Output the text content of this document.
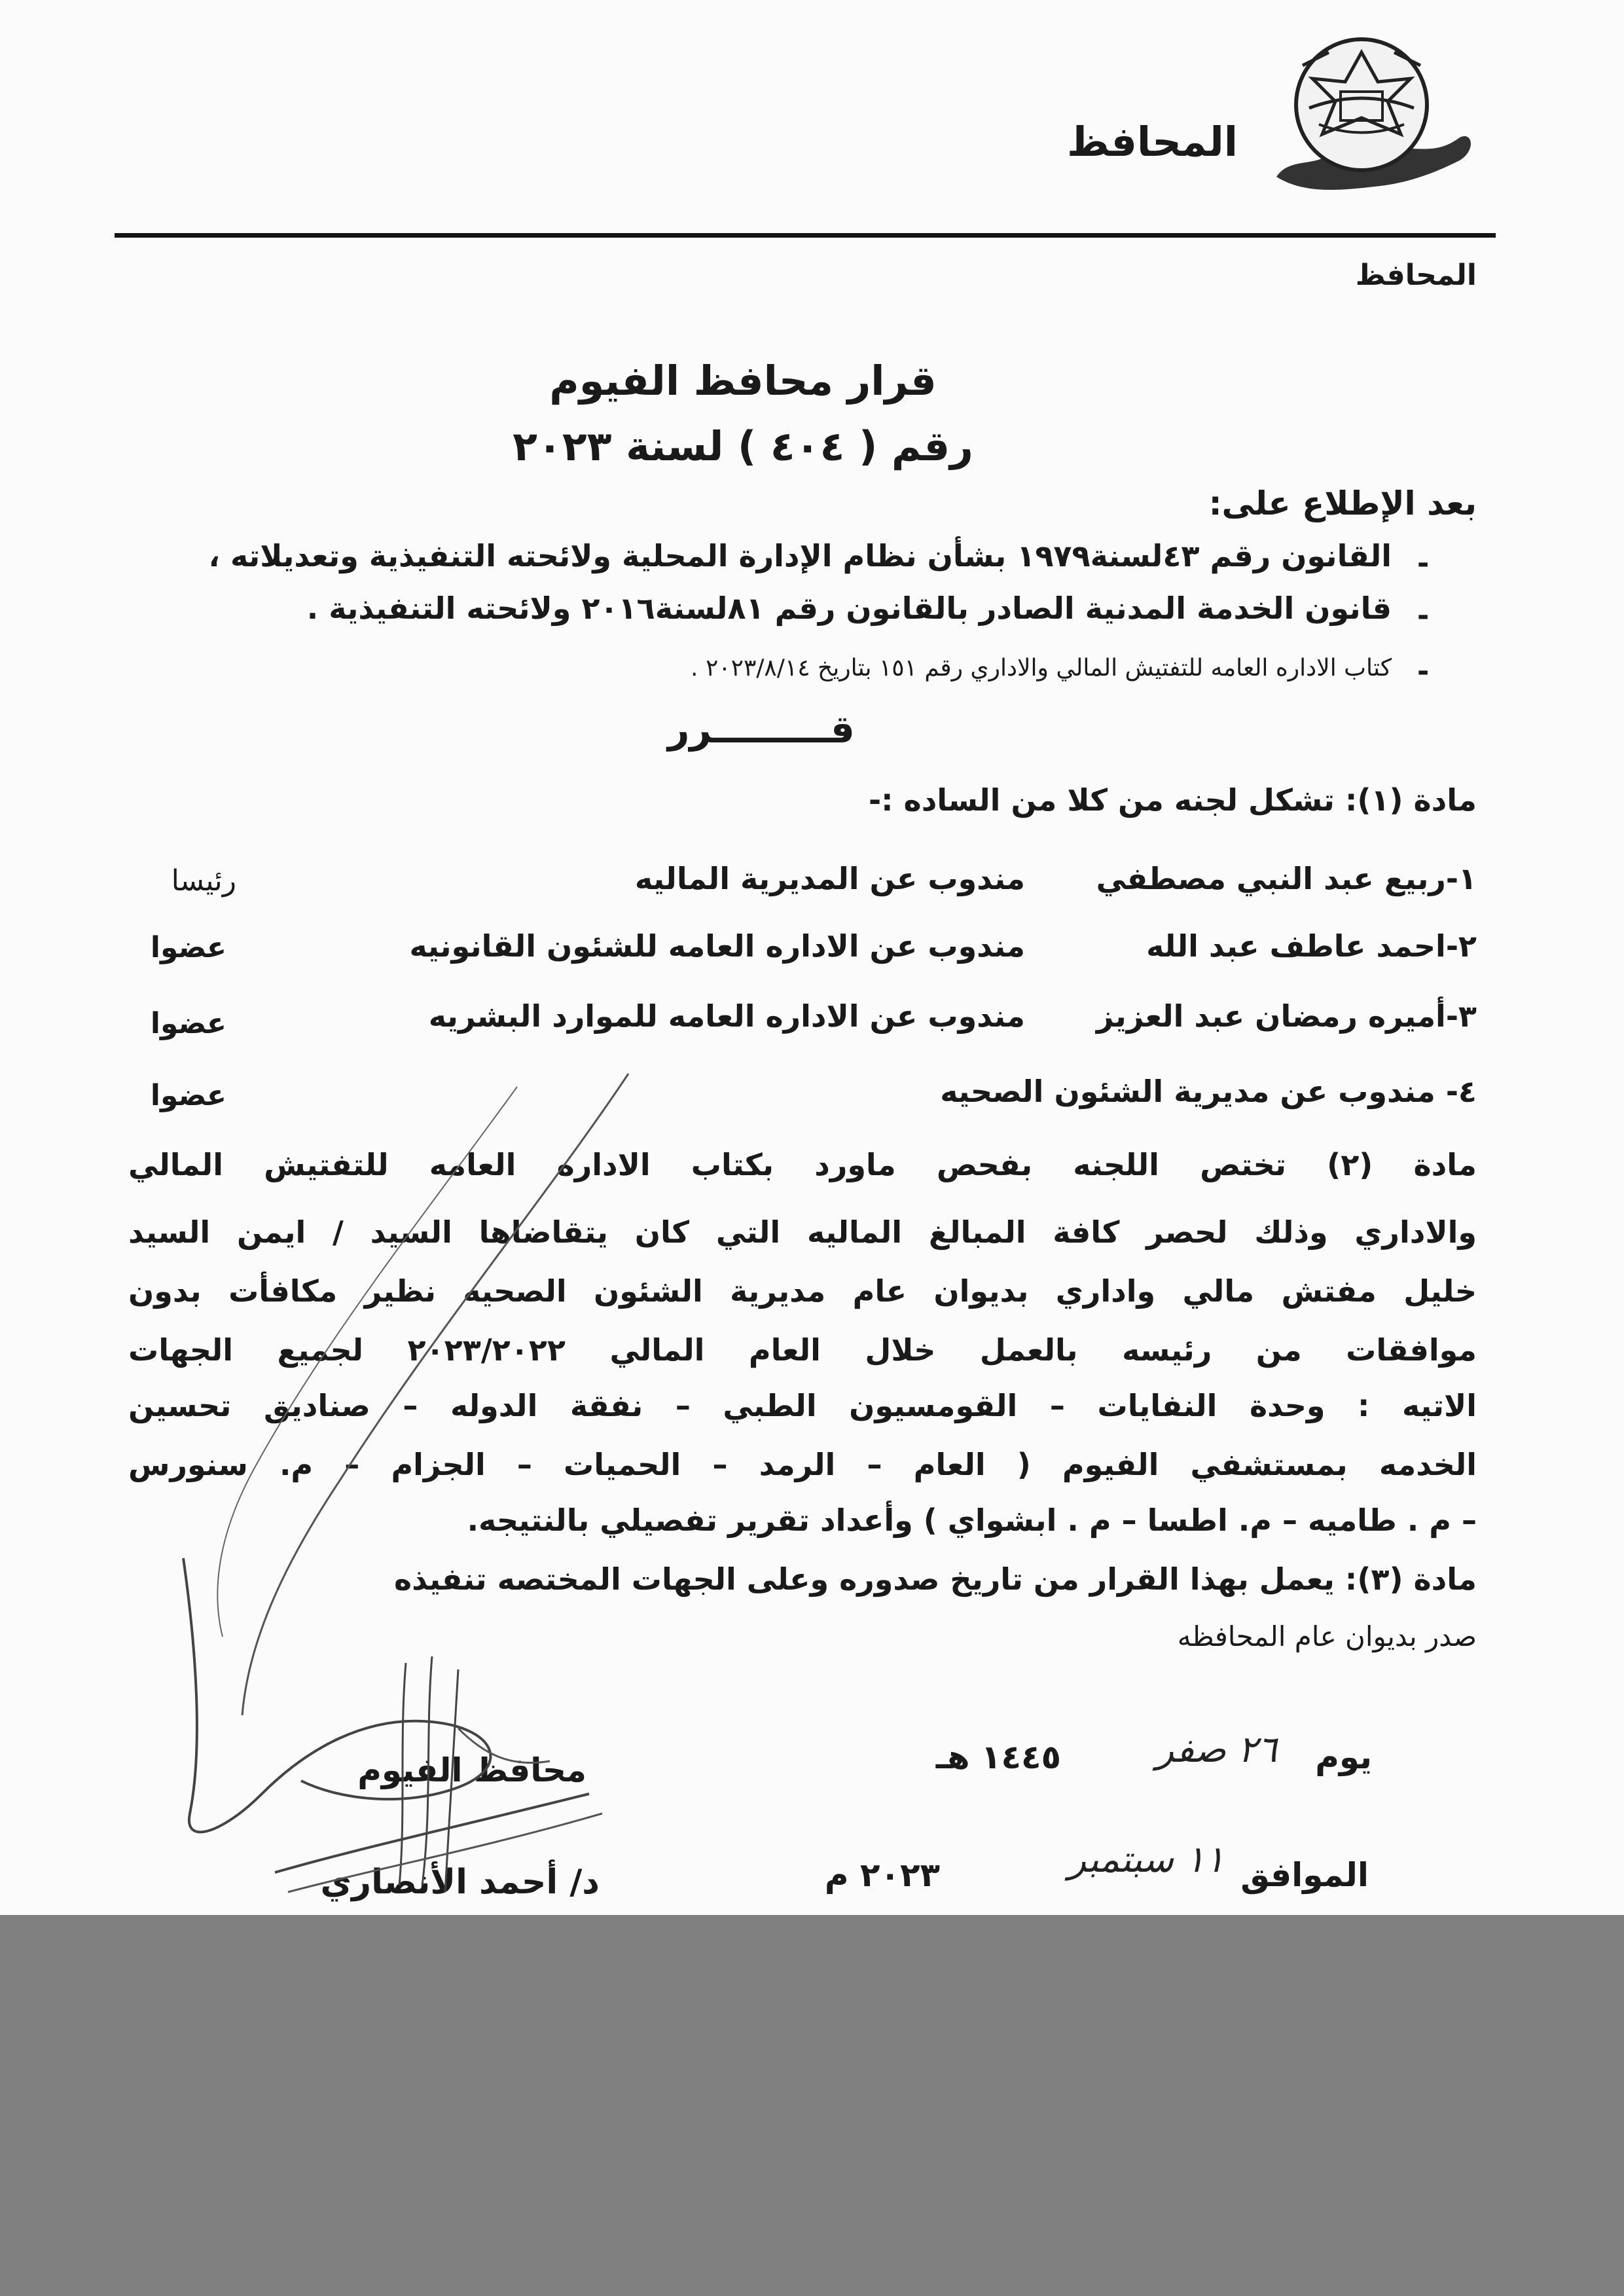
المحافظ
المحافظ
قرار محافظ الفيوم
رقم ( ٤٠٤ ) لسنة ٢٠٢٣
بعد الإطلاع على:
-
القانون رقم ٤٣لسنة١٩٧٩ بشأن نظام الإدارة المحلية ولائحته التنفيذية وتعديلاته ،
-
قانون الخدمة المدنية الصادر بالقانون رقم ٨١لسنة٢٠١٦ ولائحته التنفيذية .
-
كتاب الاداره العامه للتفتيش المالي والاداري رقم ١٥١ بتاريخ ٢٠٢٣/٨/١٤ .
قـــــــــرر
مادة (١): تشكل لجنه من كلا من الساده :-
١-ربيع عبد النبي مصطفي
مندوب عن المديرية الماليه
رئيسا
٢-احمد عاطف عبد الله
مندوب عن الاداره العامه للشئون القانونيه
عضوا
٣-أميره رمضان عبد العزيز
مندوب عن الاداره العامه للموارد البشريه
عضوا
٤- مندوب عن مديرية الشئون الصحيه
عضوا
مادة (٢) تختص اللجنه بفحص ماورد بكتاب الاداره العامه للتفتيش المالي
والاداري وذلك لحصر كافة المبالغ الماليه التي كان يتقاضاها السيد / ايمن السيد
خليل مفتش مالي واداري بديوان عام مديرية الشئون الصحيه نظير مكافأت بدون
موافقات من رئيسه بالعمل خلال العام المالي ٢٠٢٣/٢٠٢٢ لجميع الجهات
الاتيه : وحدة النفايات – القومسيون الطبي – نفقة الدوله – صناديق تحسين
الخدمه بمستشفي الفيوم ( العام – الرمد – الحميات – الجزام – م. سنورس
– م . طاميه – م. اطسا – م . ابشواي ) وأعداد تقرير تفصيلي بالنتيجه.
مادة (٣): يعمل بهذا القرار من تاريخ صدوره وعلى الجهات المختصه تنفيذه
صدر بديوان عام المحافظه
يوم
٢٦ صفر
١٤٤٥ هـ
الموافق
١١ سبتمبر
٢٠٢٣ م
محافظ الفيوم
د/ أحمد الأنصاري
